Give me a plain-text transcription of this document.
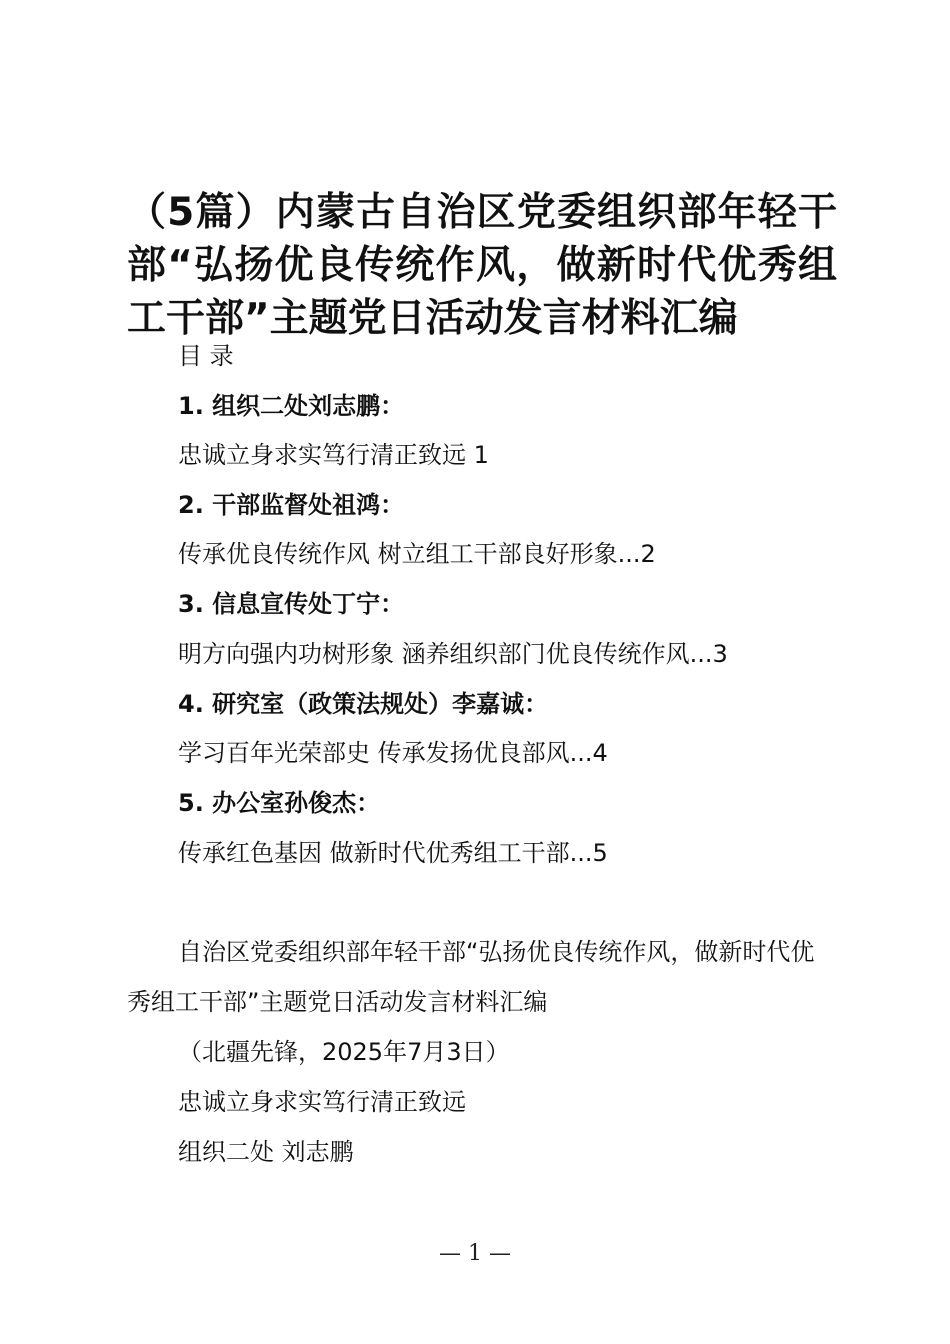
（5篇）内蒙古自治区党委组织部年轻干部“弘扬优良传统作风，做新时代优秀组工干部”主题党日活动发言材料汇编

目 录

1. 组织二处刘志鹏：

忠诚立身求实笃行清正致远 1

2. 干部监督处祖鸿：

传承优良传统作风 树立组工干部良好形象...2

3. 信息宣传处丁宁：

明方向强内功树形象 涵养组织部门优良传统作风...3

4. 研究室（政策法规处）李嘉诚：

学习百年光荣部史 传承发扬优良部风...4

5. 办公室孙俊杰：

传承红色基因 做新时代优秀组工干部...5

自治区党委组织部年轻干部“弘扬优良传统作风，做新时代优秀组工干部”主题党日活动发言材料汇编

（北疆先锋，2025年7月3日）

忠诚立身求实笃行清正致远

组织二处 刘志鹏

— 1 —
